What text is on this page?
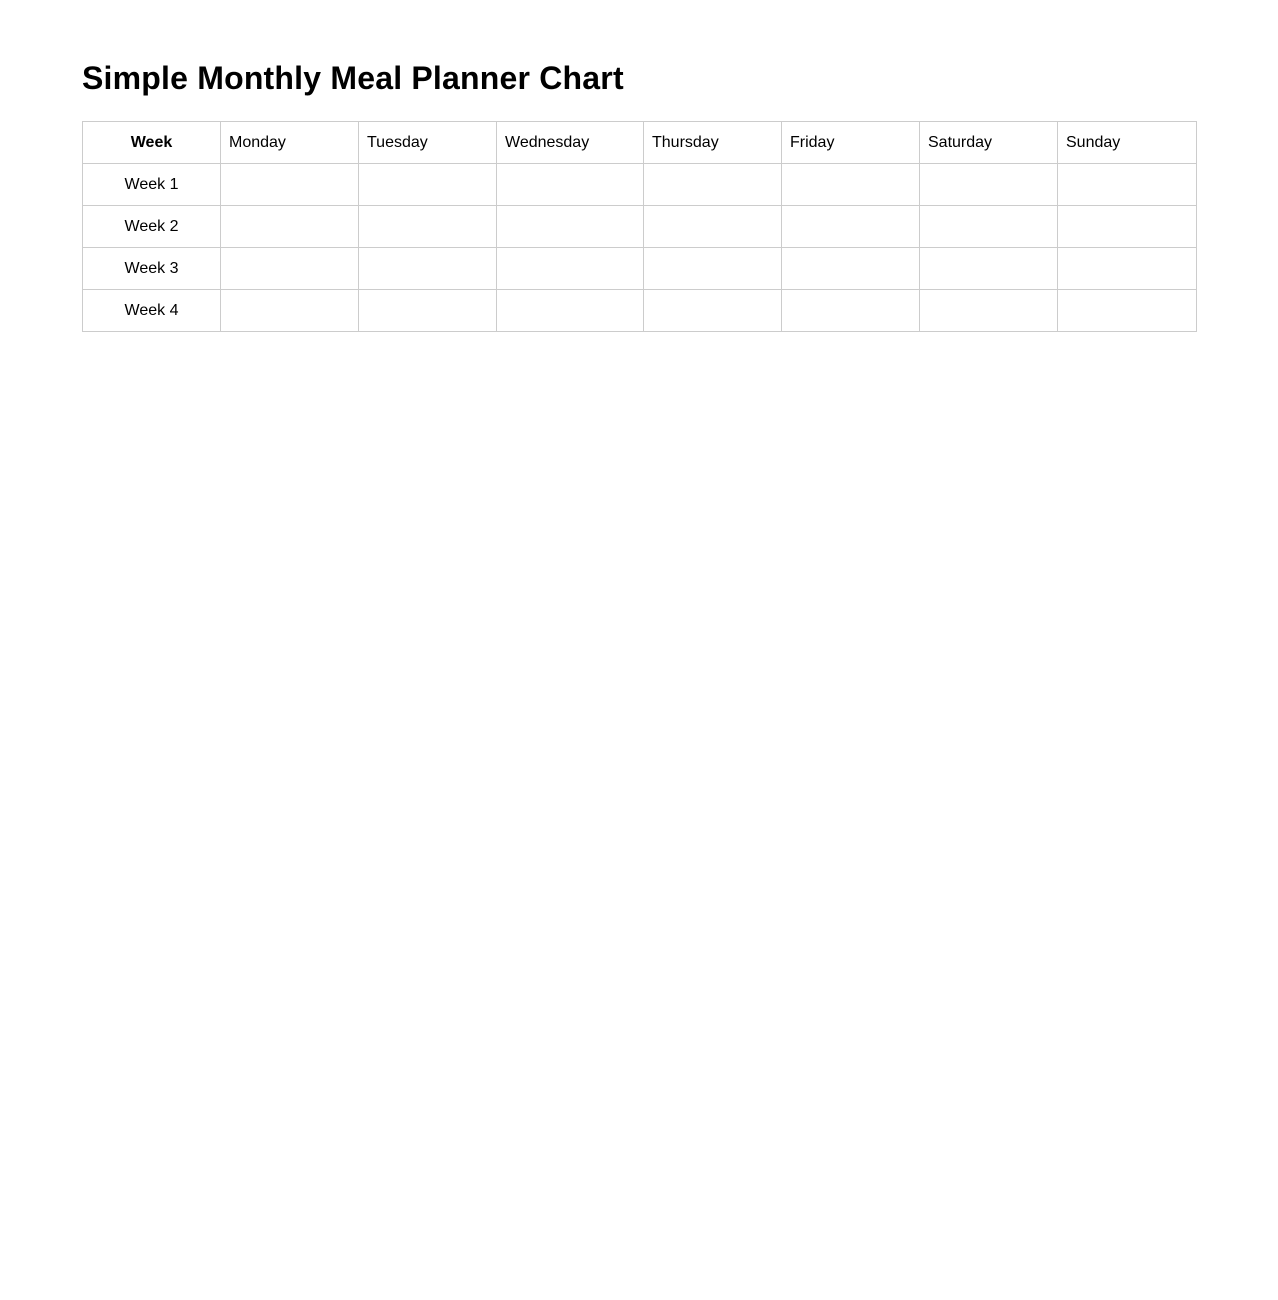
Simple Monthly Meal Planner Chart
Week	Monday	Tuesday	Wednesday	Thursday	Friday	Saturday	Sunday
Week 1							
Week 2							
Week 3							
Week 4							
